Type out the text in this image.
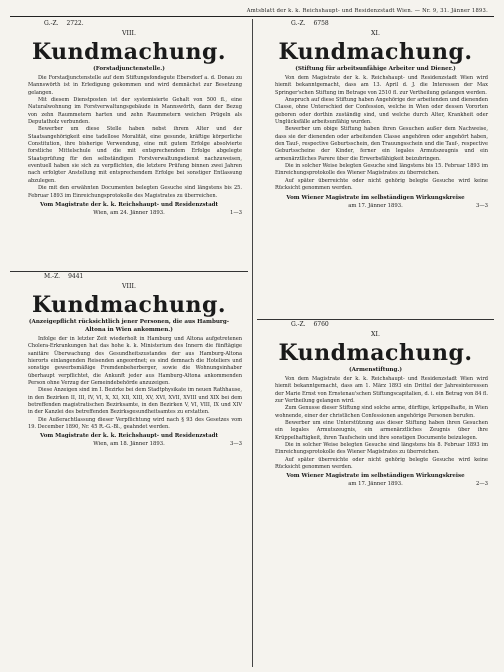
Amtsblatt der k. k. Reichshaupt- und Residenzstadt Wien. — Nr. 9, 31. Jänner 1893.
G.-Z. 2722.
VIII.
Kundmachung.
(Forstadjunctenstelle.)

Die Forstadjunctenstelle auf dem Stiftungsfondsgute Ebersdorf a. d. Donau zu Mannswörth ist in Erledigung gekommen und wird demnächst zur Besetzung gelangen.

Mit diesem Dienstposten ist der systemisierte Gehalt von 500 fl., eine Naturalwohnung im Forstverwaltungsgebäude in Mannswörth, dann der Bezug von zehn Raummetern harten und zehn Raummetern weichen Prügeln als Deputatholz verbunden.

Bewerber um diese Stelle haben nebst ihrem Alter und der Staatsangehörigkeit eine tadellose Moralität, eine gesunde, kräftige körperliche Constitution, ihre bisherige Verwendung, eine mit gutem Erfolge absolvierte forstliche Mittelschule und die mit entsprechendem Erfolge abgelegte Staatsprüfung für den selbständigen Forstverwaltungsdienst nachzuweisen, eventuell haben sie sich zu verpflichten, die letztere Prüfung binnen zwei Jahren nach erfolgter Anstellung mit entsprechendem Erfolge bei sonstiger Entlassung abzulegen.

Die mit den erwähnten Documenten belegten Gesuche sind längstens bis 25. Februar 1893 im Einreichungsprotokolle des Magistrates zu überreichen.

Vom Magistrate der k. k. Reichshaupt- und Residenzstadt
Wien, am 24. Jänner 1893.	1—3
M.-Z. 9441
VIII.
Kundmachung.
(Anzeigepflicht rücksichtlich jener Personen, die aus Hamburg-Altona in Wien ankommen.)

Infolge der in letzter Zeit wiederholt in Hamburg und Altona aufgetretenen Cholera-Erkrankungen hat das hohe k. k. Ministerium des Innern die fünftägige sanitäre Überwachung des Gesundheitszustandes der aus Hamburg-Altona hierorts einlangenden Reisenden angeordnet; es sind demnach die Hoteliers und sonstige gewerbsmäßige Fremdenbeherberger, sowie die Wohnungsinhaber überhaupt verpflichtet, die Ankunft jeder aus Hamburg-Altona ankommenden Person ohne Verzug der Gemeindebehörde anzuzeigen.

Diese Anzeigen sind im I. Bezirke bei dem Stadtphysikate im neuen Rathhause, in den Bezirken II, III, IV, VI, X, XI, XII, XIII, XV, XVI, XVII, XVIII und XIX bei dem betreffenden magistratischen Bezirksamte, in den Bezirken V, VI, VIII, IX und XIV in der Kanzlei des betreffenden Bezirksgesundheitsamtes zu erstatten.

Die Außerachtlassung dieser Verpflichtung wird nach § 93 des Gesetzes vom 19. December 1890, Nr. 45 R.-G.-Bl., geahndet werden.

Vom Magistrate der k. k. Reichshaupt- und Residenzstadt
Wien, am 18. Jänner 1893.	3—3
G.-Z. 6758
XI.
Kundmachung.
(Stiftung für arbeitsunfähige Arbeiter und Diener.)

Von dem Magistrate der k. k. Reichshaupt- und Residenzstadt Wien wird hiemit bekanntgemacht, dass am 13. April d. J. die Interessen der Max Springer'schen Stiftung im Betrage von 2510 fl. zur Vertheilung gelangen werden.

Anspruch auf diese Stiftung haben Angehörige der arbeitenden und dienenden Classe, ohne Unterschied der Confession, welche in Wien oder dessen Vororten geboren oder dorthin zuständig sind, und welche durch Alter, Krankheit oder Unglücksfälle arbeitsunfähig wurden.

Bewerber um obige Stiftung haben ihren Gesuchen außer dem Nachweise, dass sie der dienenden oder arbeitenden Classe angehören oder angehört haben, den Tauf-, respective Geburtsschein, den Trauungsschein und die Tauf-, respective Geburtsscheine der Kinder, ferner ein legales Armutszeugnis und ein armenärztliches Parere über die Erwerbsfähigkeit beizubringen.

Die in solcher Weise belegten Gesuche sind längstens bis 15. Februar 1893 im Einreichungsprotokolle des Wiener Magistrates zu überreichen.

Auf später überreichte oder nicht gehörig belegte Gesuche wird keine Rücksicht genommen werden.

Vom Wiener Magistrate im selbständigen Wirkungskreise
am 17. Jänner 1893.	3—3
G.-Z. 6760
XI.
Kundmachung.
(Armenstiftung.)

Von dem Magistrate der k. k. Reichshaupt- und Residenzstadt Wien wird hiemit bekanntgemacht, dass am 1. März 1893 ein Drittel der Jahresinteressen der Marie Ernst von Ernstenau'schen Stiftungscapitalien, d. i. ein Betrag von 84 fl. zur Vertheilung gelangen wird.

Zum Genusse dieser Stiftung sind solche arme, dürftige, krüppelhafte, in Wien wohnende, einer der christlichen Confessionen angehörige Personen berufen.

Bewerber um eine Unterstützung aus dieser Stiftung haben ihren Gesuchen ein legales Armutszeugnis, ein armenärztliches Zeugnis über ihre Krüppelhaftigkeit, ihren Taufschein und ihre sonstigen Documente beizulegen.

Die in solcher Weise belegten Gesuche sind längstens bis 8. Februar 1893 im Einreichungsprotokolle des Wiener Magistrates zu überreichen.

Auf später überreichte oder nicht gehörig belegte Gesuche wird keine Rücksicht genommen werden.

Vom Wiener Magistrate im selbständigen Wirkungskreise
am 17. Jänner 1893.	2—3
